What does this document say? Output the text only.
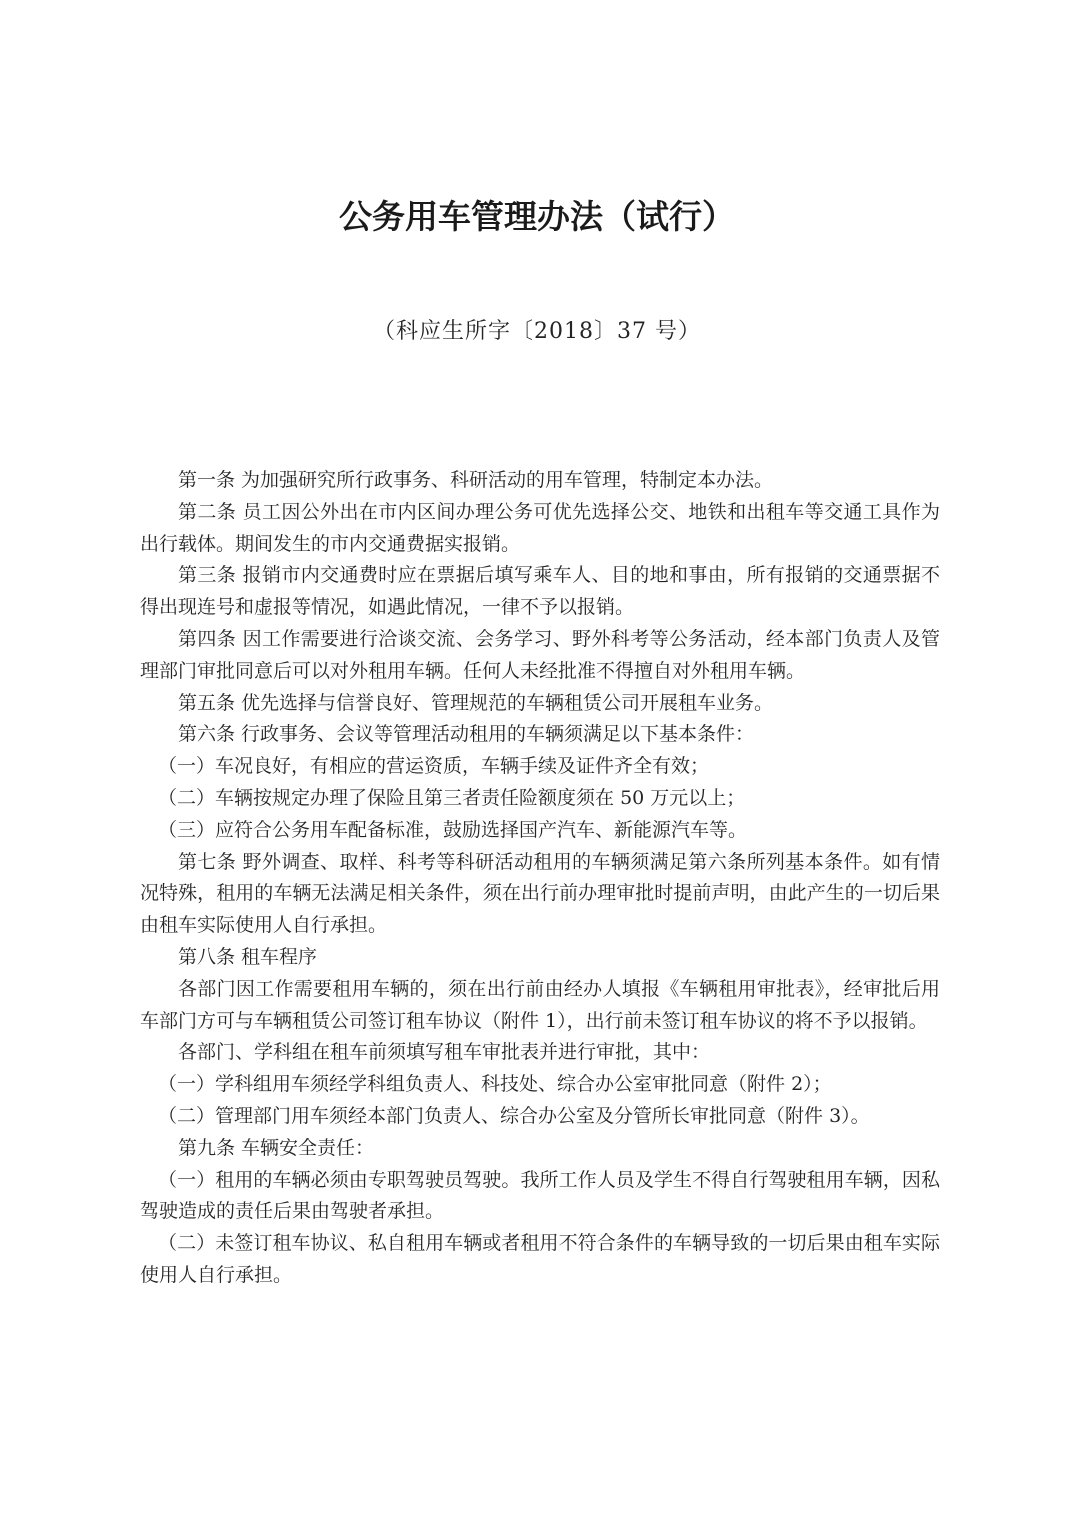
公务用车管理办法（试行）
（科应生所字〔2018〕37 号）

第一条 为加强研究所行政事务、科研活动的用车管理，特制定本办法。

第二条 员工因公外出在市内区间办理公务可优先选择公交、地铁和出租车等交通工具作为出行载体。期间发生的市内交通费据实报销。

第三条 报销市内交通费时应在票据后填写乘车人、目的地和事由，所有报销的交通票据不得出现连号和虚报等情况，如遇此情况，一律不予以报销。

第四条 因工作需要进行洽谈交流、会务学习、野外科考等公务活动，经本部门负责人及管理部门审批同意后可以对外租用车辆。任何人未经批准不得擅自对外租用车辆。

第五条 优先选择与信誉良好、管理规范的车辆租赁公司开展租车业务。

第六条 行政事务、会议等管理活动租用的车辆须满足以下基本条件：

（一）车况良好，有相应的营运资质，车辆手续及证件齐全有效；

（二）车辆按规定办理了保险且第三者责任险额度须在 50 万元以上；

（三）应符合公务用车配备标准，鼓励选择国产汽车、新能源汽车等。

第七条 野外调查、取样、科考等科研活动租用的车辆须满足第六条所列基本条件。如有情况特殊，租用的车辆无法满足相关条件，须在出行前办理审批时提前声明，由此产生的一切后果由租车实际使用人自行承担。

第八条 租车程序

各部门因工作需要租用车辆的，须在出行前由经办人填报《车辆租用审批表》，经审批后用车部门方可与车辆租赁公司签订租车协议（附件 1），出行前未签订租车协议的将不予以报销。

各部门、学科组在租车前须填写租车审批表并进行审批，其中：

（一）学科组用车须经学科组负责人、科技处、综合办公室审批同意（附件 2）；

（二）管理部门用车须经本部门负责人、综合办公室及分管所长审批同意（附件 3）。

第九条 车辆安全责任：

（一）租用的车辆必须由专职驾驶员驾驶。我所工作人员及学生不得自行驾驶租用车辆，因私驾驶造成的责任后果由驾驶者承担。

（二）未签订租车协议、私自租用车辆或者租用不符合条件的车辆导致的一切后果由租车实际使用人自行承担。
